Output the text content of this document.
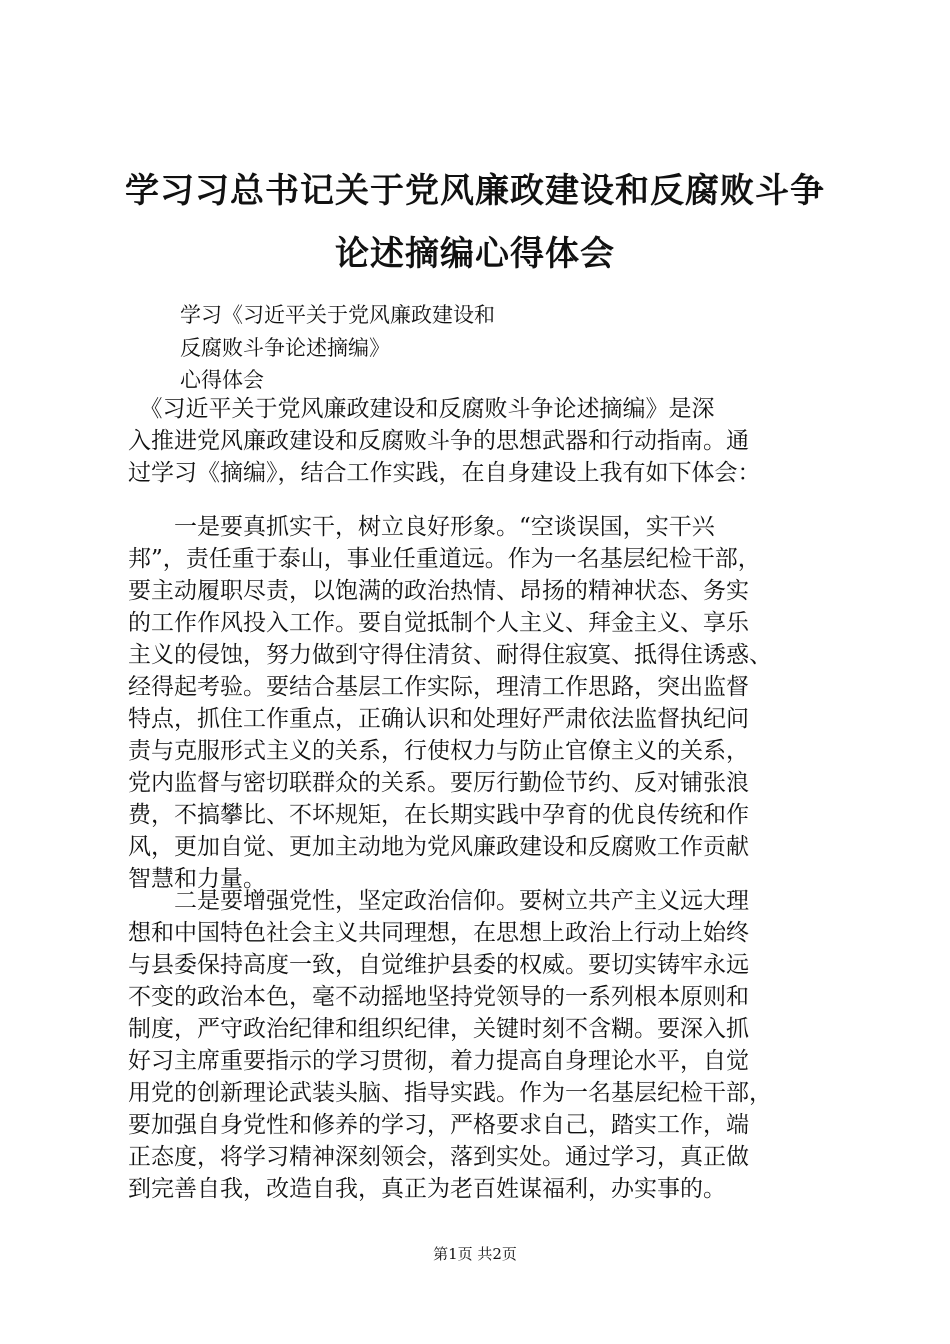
学习习总书记关于党风廉政建设和反腐败斗争
论述摘编心得体会
学习《习近平关于党风廉政建设和
反腐败斗争论述摘编》
心得体会
　《习近平关于党风廉政建设和反腐败斗争论述摘编》是深
入推进党风廉政建设和反腐败斗争的思想武器和行动指南。通
过学习《摘编》，结合工作实践，在自身建设上我有如下体会：
　　一是要真抓实干，树立良好形象。“空谈误国，实干兴
邦”，责任重于泰山，事业任重道远。作为一名基层纪检干部，
要主动履职尽责，以饱满的政治热情、昂扬的精神状态、务实
的工作作风投入工作。要自觉抵制个人主义、拜金主义、享乐
主义的侵蚀，努力做到守得住清贫、耐得住寂寞、抵得住诱惑、
经得起考验。要结合基层工作实际，理清工作思路，突出监督
特点，抓住工作重点，正确认识和处理好严肃依法监督执纪问
责与克服形式主义的关系，行使权力与防止官僚主义的关系，
党内监督与密切联群众的关系。要厉行勤俭节约、反对铺张浪
费，不搞攀比、不坏规矩，在长期实践中孕育的优良传统和作
风，更加自觉、更加主动地为党风廉政建设和反腐败工作贡献
智慧和力量。
　　二是要增强党性，坚定政治信仰。要树立共产主义远大理
想和中国特色社会主义共同理想，在思想上政治上行动上始终
与县委保持高度一致，自觉维护县委的权威。要切实铸牢永远
不变的政治本色，毫不动摇地坚持党领导的一系列根本原则和
制度，严守政治纪律和组织纪律，关键时刻不含糊。要深入抓
好习主席重要指示的学习贯彻，着力提高自身理论水平，自觉
用党的创新理论武装头脑、指导实践。作为一名基层纪检干部，
要加强自身党性和修养的学习，严格要求自己，踏实工作，端
正态度，将学习精神深刻领会，落到实处。通过学习，真正做
到完善自我，改造自我，真正为老百姓谋福利，办实事的。
第1页 共2页
